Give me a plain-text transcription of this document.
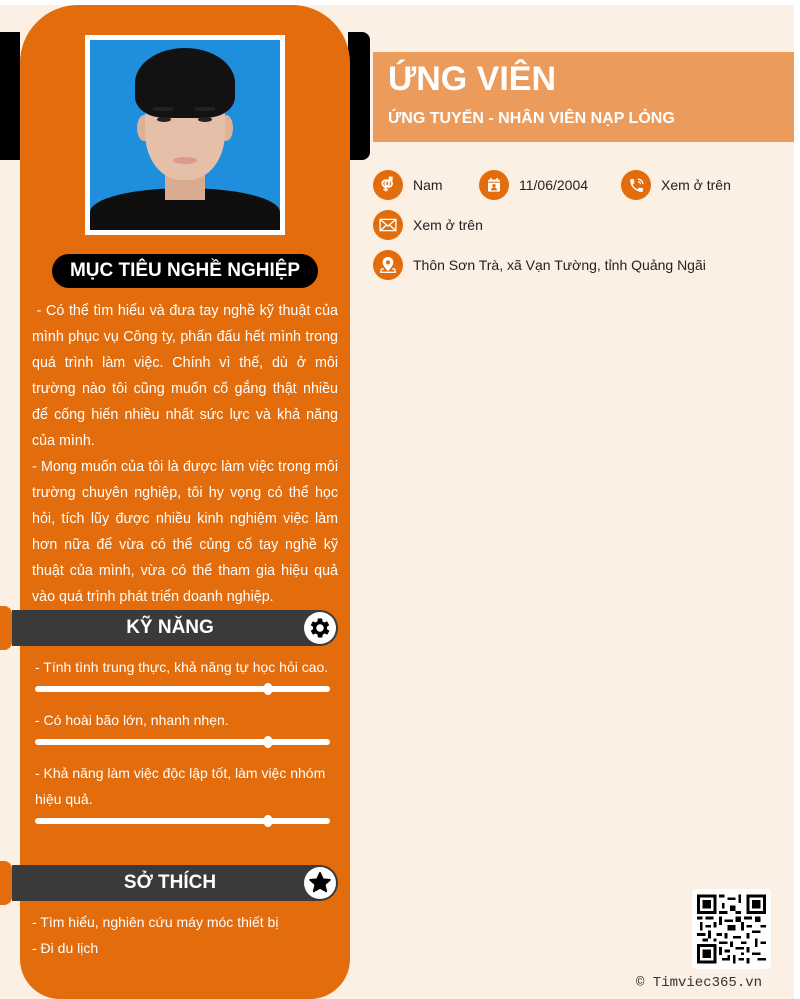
MỤC TIÊU NGHỀ NGHIỆP

- Có thể tìm hiểu và đưa tay nghề kỹ thuật của mình phục vụ Công ty, phấn đấu hết mình trong quá trình làm việc. Chính vì thế, dù ở môi trường nào tôi cũng muốn cố gắng thật nhiều để cống hiến nhiều nhất sức lực và khả năng của mình.

- Mong muốn của tôi là được làm việc trong môi trường chuyên nghiệp, tôi hy vọng có thể học hỏi, tích lũy được nhiều kinh nghiệm việc làm hơn nữa để vừa có thể củng cố tay nghề kỹ thuật của mình, vừa có thể tham gia hiệu quả vào quá trình phát triển doanh nghiệp.

KỸ NĂNG
- Tính tình trung thực, khả năng tự học hỏi cao.
- Có hoài bão lớn, nhanh nhẹn.
- Khả năng làm việc độc lập tốt, làm việc nhóm hiệu quả.
SỞ THÍCH
- Tìm hiểu, nghiên cứu máy móc thiết bị
- Đi du lịch
ỨNG VIÊN
ỨNG TUYỂN - NHÂN VIÊN NẠP LỎNG
Nam	11/06/2004	Xem ở trên
Xem ở trên
Thôn Sơn Trà, xã Vạn Tường, tỉnh Quảng Ngãi
© Timviec365.vn
